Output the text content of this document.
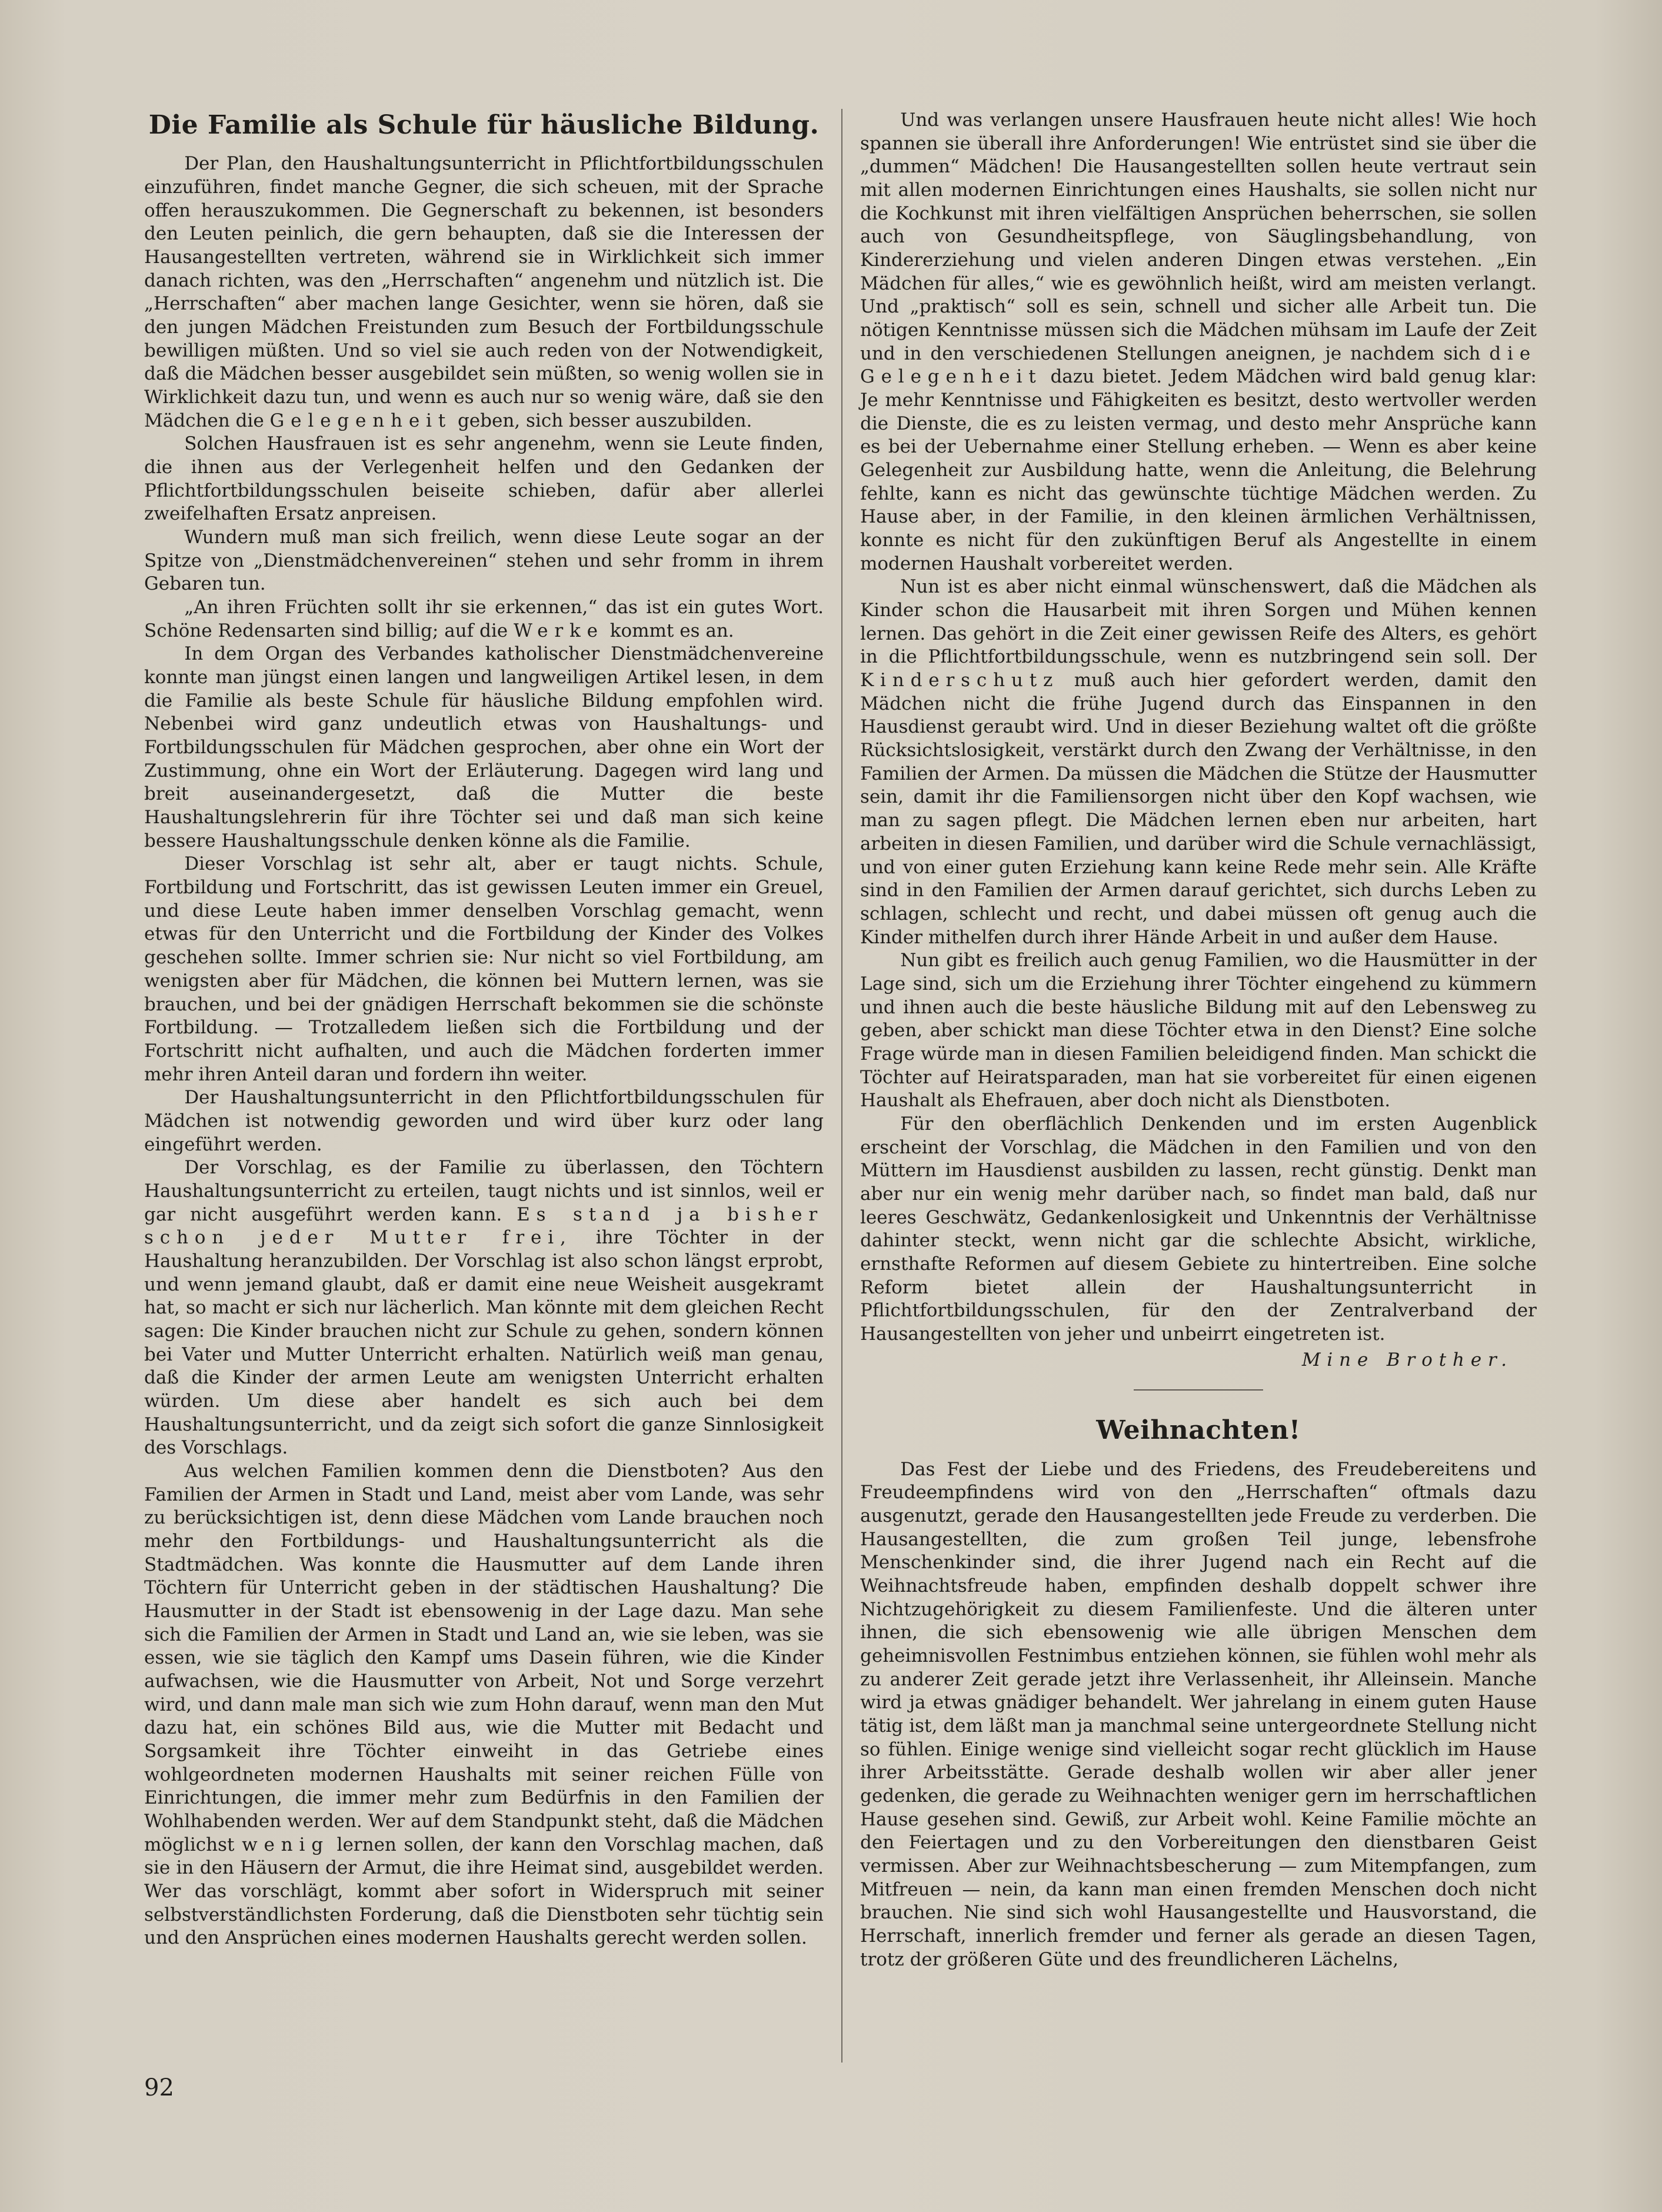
Die Familie als Schule für häusliche Bildung.

Der Plan, den Haushaltungsunterricht in Pflichtfortbildungsschulen einzuführen, findet manche Gegner, die sich scheuen, mit der Sprache offen herauszukommen. Die Gegnerschaft zu bekennen, ist besonders den Leuten peinlich, die gern behaupten, daß sie die Interessen der Hausangestellten vertreten, während sie in Wirklichkeit sich immer danach richten, was den „Herrschaften“ angenehm und nützlich ist. Die „Herrschaften“ aber machen lange Gesichter, wenn sie hören, daß sie den jungen Mädchen Freistunden zum Besuch der Fortbildungsschule bewilligen müßten. Und so viel sie auch reden von der Notwendigkeit, daß die Mädchen besser ausgebildet sein müßten, so wenig wollen sie in Wirklichkeit dazu tun, und wenn es auch nur so wenig wäre, daß sie den Mädchen die Gelegenheit geben, sich besser auszubilden.

Solchen Hausfrauen ist es sehr angenehm, wenn sie Leute finden, die ihnen aus der Verlegenheit helfen und den Gedanken der Pflichtfortbildungsschulen beiseite schieben, dafür aber allerlei zweifelhaften Ersatz anpreisen.

Wundern muß man sich freilich, wenn diese Leute sogar an der Spitze von „Dienstmädchenvereinen“ stehen und sehr fromm in ihrem Gebaren tun.

„An ihren Früchten sollt ihr sie erkennen,“ das ist ein gutes Wort. Schöne Redensarten sind billig; auf die Werke kommt es an.

In dem Organ des Verbandes katholischer Dienstmädchenvereine konnte man jüngst einen langen und langweiligen Artikel lesen, in dem die Familie als beste Schule für häusliche Bildung empfohlen wird. Nebenbei wird ganz undeutlich etwas von Haushaltungs- und Fortbildungsschulen für Mädchen gesprochen, aber ohne ein Wort der Zustimmung, ohne ein Wort der Erläuterung. Dagegen wird lang und breit auseinandergesetzt, daß die Mutter die beste Haushaltungslehrerin für ihre Töchter sei und daß man sich keine bessere Haushaltungsschule denken könne als die Familie.

Dieser Vorschlag ist sehr alt, aber er taugt nichts. Schule, Fortbildung und Fortschritt, das ist gewissen Leuten immer ein Greuel, und diese Leute haben immer denselben Vorschlag gemacht, wenn etwas für den Unterricht und die Fortbildung der Kinder des Volkes geschehen sollte. Immer schrien sie: Nur nicht so viel Fortbildung, am wenigsten aber für Mädchen, die können bei Muttern lernen, was sie brauchen, und bei der gnädigen Herrschaft bekommen sie die schönste Fortbildung. — Trotzalledem ließen sich die Fortbildung und der Fortschritt nicht aufhalten, und auch die Mädchen forderten immer mehr ihren Anteil daran und fordern ihn weiter.

Der Haushaltungsunterricht in den Pflichtfortbildungsschulen für Mädchen ist notwendig geworden und wird über kurz oder lang eingeführt werden.

Der Vorschlag, es der Familie zu überlassen, den Töchtern Haushaltungsunterricht zu erteilen, taugt nichts und ist sinnlos, weil er gar nicht ausgeführt werden kann. Es stand ja bisher schon jeder Mutter frei, ihre Töchter in der Haushaltung heranzubilden. Der Vorschlag ist also schon längst erprobt, und wenn jemand glaubt, daß er damit eine neue Weisheit ausgekramt hat, so macht er sich nur lächerlich. Man könnte mit dem gleichen Recht sagen: Die Kinder brauchen nicht zur Schule zu gehen, sondern können bei Vater und Mutter Unterricht erhalten. Natürlich weiß man genau, daß die Kinder der armen Leute am wenigsten Unterricht erhalten würden. Um diese aber handelt es sich auch bei dem Haushaltungsunterricht, und da zeigt sich sofort die ganze Sinnlosigkeit des Vorschlags.

Aus welchen Familien kommen denn die Dienstboten? Aus den Familien der Armen in Stadt und Land, meist aber vom Lande, was sehr zu berücksichtigen ist, denn diese Mädchen vom Lande brauchen noch mehr den Fortbildungs- und Haushaltungsunterricht als die Stadtmädchen. Was konnte die Hausmutter auf dem Lande ihren Töchtern für Unterricht geben in der städtischen Haushaltung? Die Hausmutter in der Stadt ist ebensowenig in der Lage dazu. Man sehe sich die Familien der Armen in Stadt und Land an, wie sie leben, was sie essen, wie sie täglich den Kampf ums Dasein führen, wie die Kinder aufwachsen, wie die Hausmutter von Arbeit, Not und Sorge verzehrt wird, und dann male man sich wie zum Hohn darauf, wenn man den Mut dazu hat, ein schönes Bild aus, wie die Mutter mit Bedacht und Sorgsamkeit ihre Töchter einweiht in das Getriebe eines wohlgeordneten modernen Haushalts mit seiner reichen Fülle von Einrichtungen, die immer mehr zum Bedürfnis in den Familien der Wohlhabenden werden. Wer auf dem Standpunkt steht, daß die Mädchen möglichst wenig lernen sollen, der kann den Vorschlag machen, daß sie in den Häusern der Armut, die ihre Heimat sind, ausgebildet werden. Wer das vorschlägt, kommt aber sofort in Widerspruch mit seiner selbstverständlichsten Forderung, daß die Dienstboten sehr tüchtig sein und den Ansprüchen eines modernen Haushalts gerecht werden sollen.

Und was verlangen unsere Hausfrauen heute nicht alles! Wie hoch spannen sie überall ihre Anforderungen! Wie entrüstet sind sie über die „dummen“ Mädchen! Die Hausangestellten sollen heute vertraut sein mit allen modernen Einrichtungen eines Haushalts, sie sollen nicht nur die Kochkunst mit ihren vielfältigen Ansprüchen beherrschen, sie sollen auch von Gesundheitspflege, von Säuglingsbehandlung, von Kindererziehung und vielen anderen Dingen etwas verstehen. „Ein Mädchen für alles,“ wie es gewöhnlich heißt, wird am meisten verlangt. Und „praktisch“ soll es sein, schnell und sicher alle Arbeit tun. Die nötigen Kenntnisse müssen sich die Mädchen mühsam im Laufe der Zeit und in den verschiedenen Stellungen aneignen, je nachdem sich die Gelegenheit dazu bietet. Jedem Mädchen wird bald genug klar: Je mehr Kenntnisse und Fähigkeiten es besitzt, desto wertvoller werden die Dienste, die es zu leisten vermag, und desto mehr Ansprüche kann es bei der Uebernahme einer Stellung erheben. — Wenn es aber keine Gelegenheit zur Ausbildung hatte, wenn die Anleitung, die Belehrung fehlte, kann es nicht das gewünschte tüchtige Mädchen werden. Zu Hause aber, in der Familie, in den kleinen ärmlichen Verhältnissen, konnte es nicht für den zukünftigen Beruf als Angestellte in einem modernen Haushalt vorbereitet werden.

Nun ist es aber nicht einmal wünschenswert, daß die Mädchen als Kinder schon die Hausarbeit mit ihren Sorgen und Mühen kennen lernen. Das gehört in die Zeit einer gewissen Reife des Alters, es gehört in die Pflichtfortbildungsschule, wenn es nutzbringend sein soll. Der Kinderschutz muß auch hier gefordert werden, damit den Mädchen nicht die frühe Jugend durch das Einspannen in den Hausdienst geraubt wird. Und in dieser Beziehung waltet oft die größte Rücksichtslosigkeit, verstärkt durch den Zwang der Verhältnisse, in den Familien der Armen. Da müssen die Mädchen die Stütze der Hausmutter sein, damit ihr die Familiensorgen nicht über den Kopf wachsen, wie man zu sagen pflegt. Die Mädchen lernen eben nur arbeiten, hart arbeiten in diesen Familien, und darüber wird die Schule vernachlässigt, und von einer guten Erziehung kann keine Rede mehr sein. Alle Kräfte sind in den Familien der Armen darauf gerichtet, sich durchs Leben zu schlagen, schlecht und recht, und dabei müssen oft genug auch die Kinder mithelfen durch ihrer Hände Arbeit in und außer dem Hause.

Nun gibt es freilich auch genug Familien, wo die Hausmütter in der Lage sind, sich um die Erziehung ihrer Töchter eingehend zu kümmern und ihnen auch die beste häusliche Bildung mit auf den Lebensweg zu geben, aber schickt man diese Töchter etwa in den Dienst? Eine solche Frage würde man in diesen Familien beleidigend finden. Man schickt die Töchter auf Heiratsparaden, man hat sie vorbereitet für einen eigenen Haushalt als Ehefrauen, aber doch nicht als Dienstboten.

Für den oberflächlich Denkenden und im ersten Augenblick erscheint der Vorschlag, die Mädchen in den Familien und von den Müttern im Hausdienst ausbilden zu lassen, recht günstig. Denkt man aber nur ein wenig mehr darüber nach, so findet man bald, daß nur leeres Geschwätz, Gedankenlosigkeit und Unkenntnis der Verhältnisse dahinter steckt, wenn nicht gar die schlechte Absicht, wirkliche, ernsthafte Reformen auf diesem Gebiete zu hintertreiben. Eine solche Reform bietet allein der Haushaltungsunterricht in Pflichtfortbildungsschulen, für den der Zentralverband der Hausangestellten von jeher und unbeirrt eingetreten ist.

Mine Brother.

Weihnachten!

Das Fest der Liebe und des Friedens, des Freudebereitens und Freudeempfindens wird von den „Herrschaften“ oftmals dazu ausgenutzt, gerade den Hausangestellten jede Freude zu verderben. Die Hausangestellten, die zum großen Teil junge, lebensfrohe Menschenkinder sind, die ihrer Jugend nach ein Recht auf die Weihnachtsfreude haben, empfinden deshalb doppelt schwer ihre Nichtzugehörigkeit zu diesem Familienfeste. Und die älteren unter ihnen, die sich ebensowenig wie alle übrigen Menschen dem geheimnisvollen Festnimbus entziehen können, sie fühlen wohl mehr als zu anderer Zeit gerade jetzt ihre Verlassenheit, ihr Alleinsein. Manche wird ja etwas gnädiger behandelt. Wer jahrelang in einem guten Hause tätig ist, dem läßt man ja manchmal seine untergeordnete Stellung nicht so fühlen. Einige wenige sind vielleicht sogar recht glücklich im Hause ihrer Arbeitsstätte. Gerade deshalb wollen wir aber aller jener gedenken, die gerade zu Weihnachten weniger gern im herrschaftlichen Hause gesehen sind. Gewiß, zur Arbeit wohl. Keine Familie möchte an den Feiertagen und zu den Vorbereitungen den dienstbaren Geist vermissen. Aber zur Weihnachtsbescherung — zum Mitempfangen, zum Mitfreuen — nein, da kann man einen fremden Menschen doch nicht brauchen. Nie sind sich wohl Hausangestellte und Hausvorstand, die Herrschaft, innerlich fremder und ferner als gerade an diesen Tagen, trotz der größeren Güte und des freundlicheren Lächelns,

92
